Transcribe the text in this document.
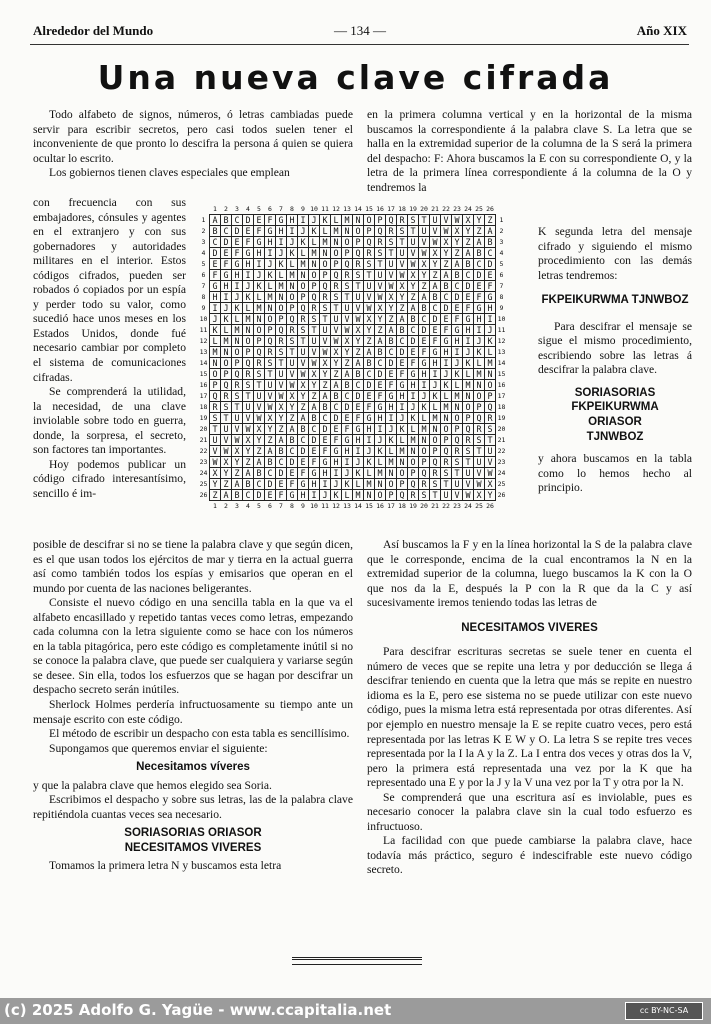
Alrededor del Mundo	— 134 —	Año XIX
Una nueva clave cifrada

Todo alfabeto de signos, números, ó letras cambiadas puede servir para escribir secretos, pero casi todos suelen tener el inconveniente de que pronto lo descifra la persona á quien se quiera ocultar lo escrito.

Los gobiernos tienen claves especiales que emplean

con frecuencia con sus embajadores, cónsules y agentes en el extranjero y con sus gobernadores y autoridades militares en el interior. Estos códigos cifrados, pueden ser robados ó copiados por un espía y perder todo su valor, como sucedió hace unos meses en los Estados Unidos, donde fué necesario cambiar por completo el sistema de comunicaciones cifradas.

Se comprenderá la utilidad, la necesidad, de una clave inviolable sobre todo en guerra, donde, la sorpresa, el secreto, son factores tan importantes.

Hoy podemos publicar un código cifrado interesantísimo, sencillo é im-

	1	2	3	4	5	6	7	8	9	10	11	12	13	14	15	16	17	18	19	20	21	22	23	24	25	26	
1	A	B	C	D	E	F	G	H	I	J	K	L	M	N	O	P	Q	R	S	T	U	V	W	X	Y	Z	1
2	B	C	D	E	F	G	H	I	J	K	L	M	N	O	P	Q	R	S	T	U	V	W	X	Y	Z	A	2
3	C	D	E	F	G	H	I	J	K	L	M	N	O	P	Q	R	S	T	U	V	W	X	Y	Z	A	B	3
4	D	E	F	G	H	I	J	K	L	M	N	O	P	Q	R	S	T	U	V	W	X	Y	Z	A	B	C	4
5	E	F	G	H	I	J	K	L	M	N	O	P	Q	R	S	T	U	V	W	X	Y	Z	A	B	C	D	5
6	F	G	H	I	J	K	L	M	N	O	P	Q	R	S	T	U	V	W	X	Y	Z	A	B	C	D	E	6
7	G	H	I	J	K	L	M	N	O	P	Q	R	S	T	U	V	W	X	Y	Z	A	B	C	D	E	F	7
8	H	I	J	K	L	M	N	O	P	Q	R	S	T	U	V	W	X	Y	Z	A	B	C	D	E	F	G	8
9	I	J	K	L	M	N	O	P	Q	R	S	T	U	V	W	X	Y	Z	A	B	C	D	E	F	G	H	9
10	J	K	L	M	N	O	P	Q	R	S	T	U	V	W	X	Y	Z	A	B	C	D	E	F	G	H	I	10
11	K	L	M	N	O	P	Q	R	S	T	U	V	W	X	Y	Z	A	B	C	D	E	F	G	H	I	J	11
12	L	M	N	O	P	Q	R	S	T	U	V	W	X	Y	Z	A	B	C	D	E	F	G	H	I	J	K	12
13	M	N	O	P	Q	R	S	T	U	V	W	X	Y	Z	A	B	C	D	E	F	G	H	I	J	K	L	13
14	N	O	P	Q	R	S	T	U	V	W	X	Y	Z	A	B	C	D	E	F	G	H	I	J	K	L	M	14
15	O	P	Q	R	S	T	U	V	W	X	Y	Z	A	B	C	D	E	F	G	H	I	J	K	L	M	N	15
16	P	Q	R	S	T	U	V	W	X	Y	Z	A	B	C	D	E	F	G	H	I	J	K	L	M	N	O	16
17	Q	R	S	T	U	V	W	X	Y	Z	A	B	C	D	E	F	G	H	I	J	K	L	M	N	O	P	17
18	R	S	T	U	V	W	X	Y	Z	A	B	C	D	E	F	G	H	I	J	K	L	M	N	O	P	Q	18
19	S	T	U	V	W	X	Y	Z	A	B	C	D	E	F	G	H	I	J	K	L	M	N	O	P	Q	R	19
20	T	U	V	W	X	Y	Z	A	B	C	D	E	F	G	H	I	J	K	L	M	N	O	P	Q	R	S	20
21	U	V	W	X	Y	Z	A	B	C	D	E	F	G	H	I	J	K	L	M	N	O	P	Q	R	S	T	21
22	V	W	X	Y	Z	A	B	C	D	E	F	G	H	I	J	K	L	M	N	O	P	Q	R	S	T	U	22
23	W	X	Y	Z	A	B	C	D	E	F	G	H	I	J	K	L	M	N	O	P	Q	R	S	T	U	V	23
24	X	Y	Z	A	B	C	D	E	F	G	H	I	J	K	L	M	N	O	P	Q	R	S	T	U	V	W	24
25	Y	Z	A	B	C	D	E	F	G	H	I	J	K	L	M	N	O	P	Q	R	S	T	U	V	W	X	25
26	Z	A	B	C	D	E	F	G	H	I	J	K	L	M	N	O	P	Q	R	S	T	U	V	W	X	Y	26
	1	2	3	4	5	6	7	8	9	10	11	12	13	14	15	16	17	18	19	20	21	22	23	24	25	26	

posible de descifrar si no se tiene la palabra clave y que según dicen, es el que usan todos los ejércitos de mar y tierra en la actual guerra así como también todos los espías y emisarios que operan en el mundo por cuenta de las naciones beligerantes.

Consiste el nuevo código en una sencilla tabla en la que va el alfabeto encasillado y repetido tantas veces como letras, empezando cada columna con la letra siguiente como se hace con los números en la tabla pitagórica, pero este código es completamente inútil si no se conoce la palabra clave, que puede ser cualquiera y variarse según se desee. Sin ella, todos los esfuerzos que se hagan por descifrar un despacho secreto serán inútiles.

Sherlock Holmes perdería infructuosamente su tiempo ante un mensaje escrito con este código.

El método de escribir un despacho con esta tabla es sencillísimo.

Supongamos que queremos enviar el siguiente:

Necesitamos víveres

y que la palabra clave que hemos elegido sea Soria.

Escribimos el despacho y sobre sus letras, las de la palabra clave repitiéndola cuantas veces sea necesario.

SORIASORIAS ORIASOR

NECESITAMOS VIVERES

Tomamos la primera letra N y buscamos esta letra

en la primera columna vertical y en la horizontal de la misma buscamos la correspondiente á la palabra clave S. La letra que se halla en la extremidad superior de la columna de la S será la primera del despacho: F: Ahora buscamos la E con su correspondiente O, y la letra de la primera línea correspondiente á la columna de la O y tendremos la

K segunda letra del mensaje cifrado y siguiendo el mismo procedimiento con las demás letras tendremos:

FKPEIKURWMA TJNWBOZ

Para descifrar el mensaje se sigue el mismo procedimiento, escribiendo sobre las letras á descifrar la palabra clave.

SORIASORIAS

FKPEIKURWMA

ORIASOR

TJNWBOZ

y ahora buscamos en la tabla como lo hemos hecho al principio.

Así buscamos la F y en la línea horizontal la S de la palabra clave que le corresponde, encima de la cual encontramos la N en la extremidad superior de la columna, luego buscamos la K con la O que nos da la E, después la P con la R que da la C y así sucesivamente iremos teniendo todas las letras de

NECESITAMOS VIVERES

Para descifrar escrituras secretas se suele tener en cuenta el número de veces que se repite una letra y por deducción se llega á descifrar teniendo en cuenta que la letra que más se repite en nuestro idioma es la E, pero ese sistema no se puede utilizar con este nuevo código, pues la misma letra está representada por otras diferentes. Así por ejemplo en nuestro mensaje la E se repite cuatro veces, pero está representada por las letras K E W y O. La letra S se repite tres veces representada por la I la A y la Z. La I entra dos veces y otras dos la V, pero la primera está representada una vez por la K que ha representado una E y por la J y la V una vez por la T y otra por la N.

Se comprenderá que una escritura así es inviolable, pues es necesario conocer la palabra clave sin la cual todo esfuerzo es infructuoso.

La facilidad con que puede cambiarse la palabra clave, hace todavía más práctico, seguro é indescifrable este nuevo código secreto.

(c) 2025 Adolfo G. Yagüe - www.ccapitalia.net	cc BY-NC-SA
